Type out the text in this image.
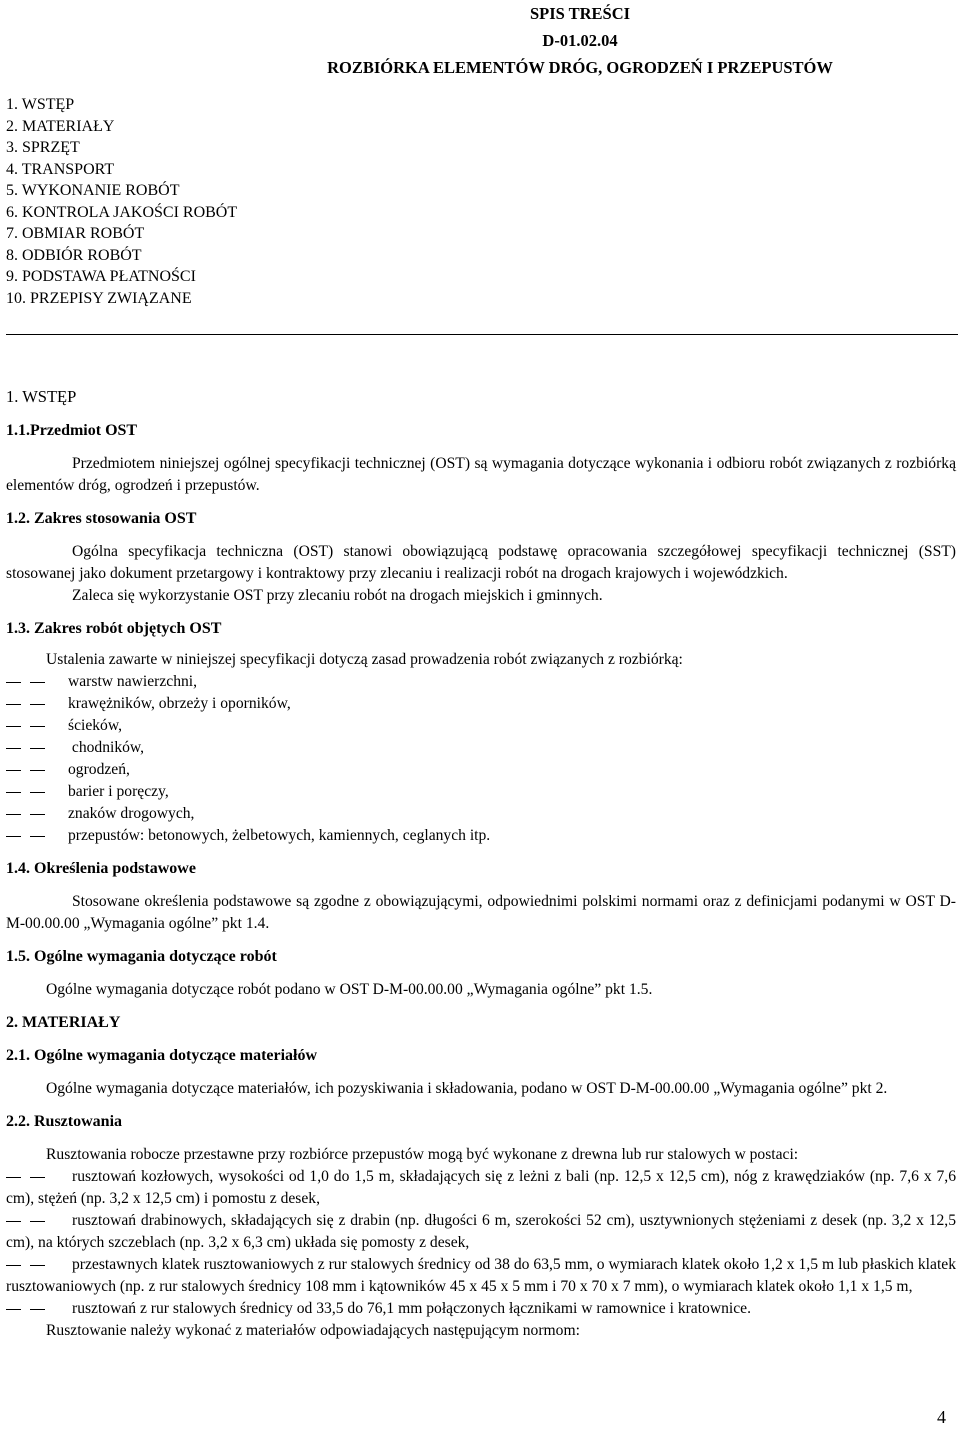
SPIS TREŚCI
D-01.02.04
ROZBIÓRKA ELEMENTÓW DRÓG, OGRODZEŃ I PRZEPUSTÓW
1. WSTĘP
2. MATERIAŁY
3. SPRZĘT
4. TRANSPORT
5. WYKONANIE ROBÓT
6. KONTROLA JAKOŚCI ROBÓT
7. OBMIAR ROBÓT
8. ODBIÓR ROBÓT
9. PODSTAWA PŁATNOŚCI
10. PRZEPISY ZWIĄZANE
1. WSTĘP
1.1.Przedmiot OST

Przedmiotem niniejszej ogólnej specyfikacji technicznej (OST) są wymagania dotyczące wykonania i odbioru robót związanych z rozbiórką elementów dróg, ogrodzeń i przepustów.

1.2. Zakres stosowania OST

Ogólna specyfikacja techniczna (OST) stanowi obowiązującą podstawę opracowania szczegółowej specyfikacji technicznej (SST) stosowanej jako dokument przetargowy i kontraktowy przy zlecaniu i realizacji robót na drogach krajowych i wojewódzkich.

Zaleca się wykorzystanie OST przy zlecaniu robót na drogach miejskich i gminnych.

1.3. Zakres robót objętych OST

Ustalenia zawarte w niniejszej specyfikacji dotyczą zasad prowadzenia robót związanych z rozbiórką:

warstw nawierzchni,
krawężników, obrzeży i oporników,
ścieków,
chodników,
ogrodzeń,
barier i poręczy,
znaków drogowych,
przepustów: betonowych, żelbetowych, kamiennych, ceglanych itp.
1.4. Określenia podstawowe

Stosowane określenia podstawowe są zgodne z obowiązującymi, odpowiednimi polskimi normami oraz z definicjami podanymi w OST D-M-00.00.00 „Wymagania ogólne” pkt 1.4.

1.5. Ogólne wymagania dotyczące robót

Ogólne wymagania dotyczące robót podano w OST D-M-00.00.00 „Wymagania ogólne” pkt 1.5.

2. MATERIAŁY
2.1. Ogólne wymagania dotyczące materiałów

Ogólne wymagania dotyczące materiałów, ich pozyskiwania i składowania, podano w OST D-M-00.00.00 „Wymagania ogólne” pkt 2.

2.2. Rusztowania

Rusztowania robocze przestawne przy rozbiórce przepustów mogą być wykonane z drewna lub rur stalowych w postaci:

rusztowań kozłowych, wysokości od 1,0 do 1,5 m, składających się z leżni z bali (np. 12,5 x 12,5 cm), nóg z krawędziaków (np. 7,6 x 7,6 cm), stężeń (np. 3,2 x 12,5 cm) i pomostu z desek,
rusztowań drabinowych, składających się z drabin (np. długości 6 m, szerokości 52 cm), usztywnionych stężeniami z desek (np. 3,2 x 12,5 cm), na których szczeblach (np. 3,2 x 6,3 cm) układa się pomosty z desek,
przestawnych klatek rusztowaniowych z rur stalowych średnicy od 38 do 63,5 mm, o wymiarach klatek około 1,2 x 1,5 m lub płaskich klatek rusztowaniowych (np. z rur stalowych średnicy 108 mm i kątowników 45 x 45 x 5 mm i 70 x 70 x 7 mm), o wymiarach klatek około 1,1 x 1,5 m,
rusztowań z rur stalowych średnicy od 33,5 do 76,1 mm połączonych łącznikami w ramownice i kratownice.

Rusztowanie należy wykonać z materiałów odpowiadających następującym normom:

4
